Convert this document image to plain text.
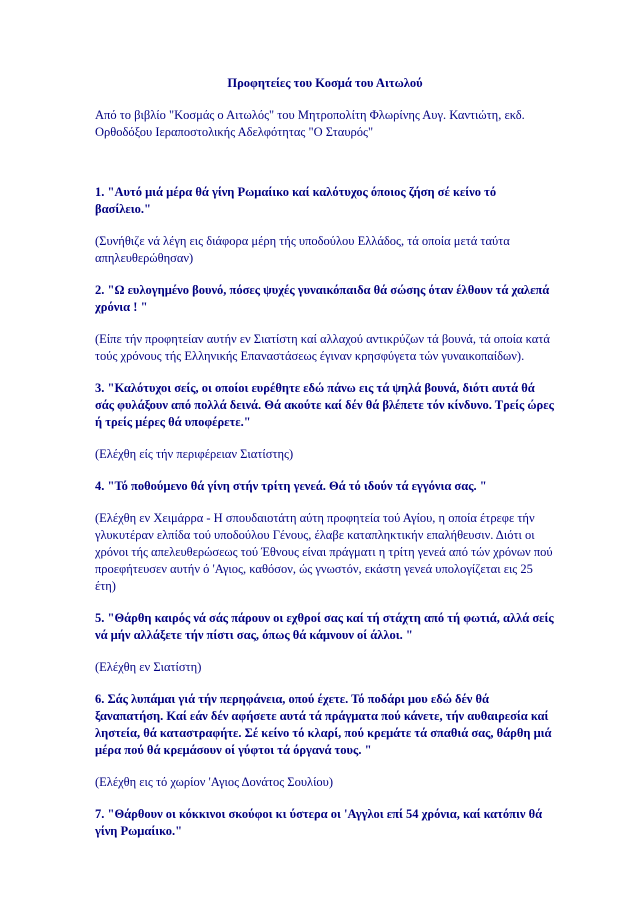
Προφητείες του Κοσμά του Αιτωλού

Από το βιβλίο "Κοσμάς ο Αιτωλός" του Μητροπολίτη Φλωρίνης Αυγ. Καντιώτη, εκδ. Ορθοδόξου Ιεραποστολικής Αδελφότητας "Ο Σταυρός"

1. "Αυτό μιά μέρα θά γίνη Ρωμαίικο καί καλότυχος όποιος ζήση σέ κείνο τό βασίλειο."

(Συνήθιζε νά λέγη εις διάφορα μέρη τής υποδούλου Ελλάδος, τά οποία μετά ταύτα απηλευθερώθησαν)

2. "Ω ευλογημένο βουνό, πόσες ψυχές γυναικόπαιδα θά σώσης όταν έλθουν τά χαλεπά χρόνια ! "

(Είπε τήν προφητείαν αυτήν εν Σιατίστη καί αλλαχού αντικρύζων τά βουνά, τά οποία κατά τούς χρόνους τής Ελληνικής Επαναστάσεως έγιναν κρησφύγετα τών γυναικοπαίδων).

3. "Καλότυχοι σείς, οι οποίοι ευρέθητε εδώ πάνω εις τά ψηλά βουνά, διότι αυτά θά σάς φυλάξουν από πολλά δεινά. Θά ακούτε καί δέν θά βλέπετε τόν κίνδυνο. Τρείς ώρες ή τρείς μέρες θά υποφέρετε."

(Ελέχθη είς τήν περιφέρειαν Σιατίστης)

4. "Τό ποθούμενο θά γίνη στήν τρίτη γενεά. Θά τό ιδούν τά εγγόνια σας. "

(Ελέχθη εν Χειμάρρα - Η σπουδαιοτάτη αύτη προφητεία τού Αγίου, η οποία έτρεφε τήν γλυκυτέραν ελπίδα τού υποδούλου Γένους, έλαβε καταπληκτικήν επαλήθευσιν. Διότι οι χρόνοι τής απελευθερώσεως τού Έθνους είναι πράγματι η τρίτη γενεά από τών χρόνων πού προεφήτευσεν αυτήν ό 'Αγιος, καθόσον, ώς γνωστόν, εκάστη γενεά υπολογίζεται εις 25 έτη)

5. "Θάρθη καιρός νά σάς πάρουν οι εχθροί σας καί τή στάχτη από τή φωτιά, αλλά σείς νά μήν αλλάξετε τήν πίστι σας, όπως θά κάμνουν οί άλλοι. "

(Ελέχθη εν Σιατίστη)

6. Σάς λυπάμαι γιά τήν περηφάνεια, οπού έχετε. Τό ποδάρι μου εδώ δέν θά ξαναπατήση. Καί εάν δέν αφήσετε αυτά τά πράγματα πού κάνετε, τήν αυθαιρεσία καί ληστεία, θά καταστραφήτε. Σέ κείνο τό κλαρί, πού κρεμάτε τά σπαθιά σας, θάρθη μιά μέρα πού θά κρεμάσουν οί γύφτοι τά όργανά τους. "

(Ελέχθη εις τό χωρίον 'Αγιος Δονάτος Σουλίου)

7. "Θάρθουν οι κόκκινοι σκούφοι κι ύστερα οι 'Αγγλοι επί 54 χρόνια, καί κατόπιν θά γίνη Ρωμαίικο."
